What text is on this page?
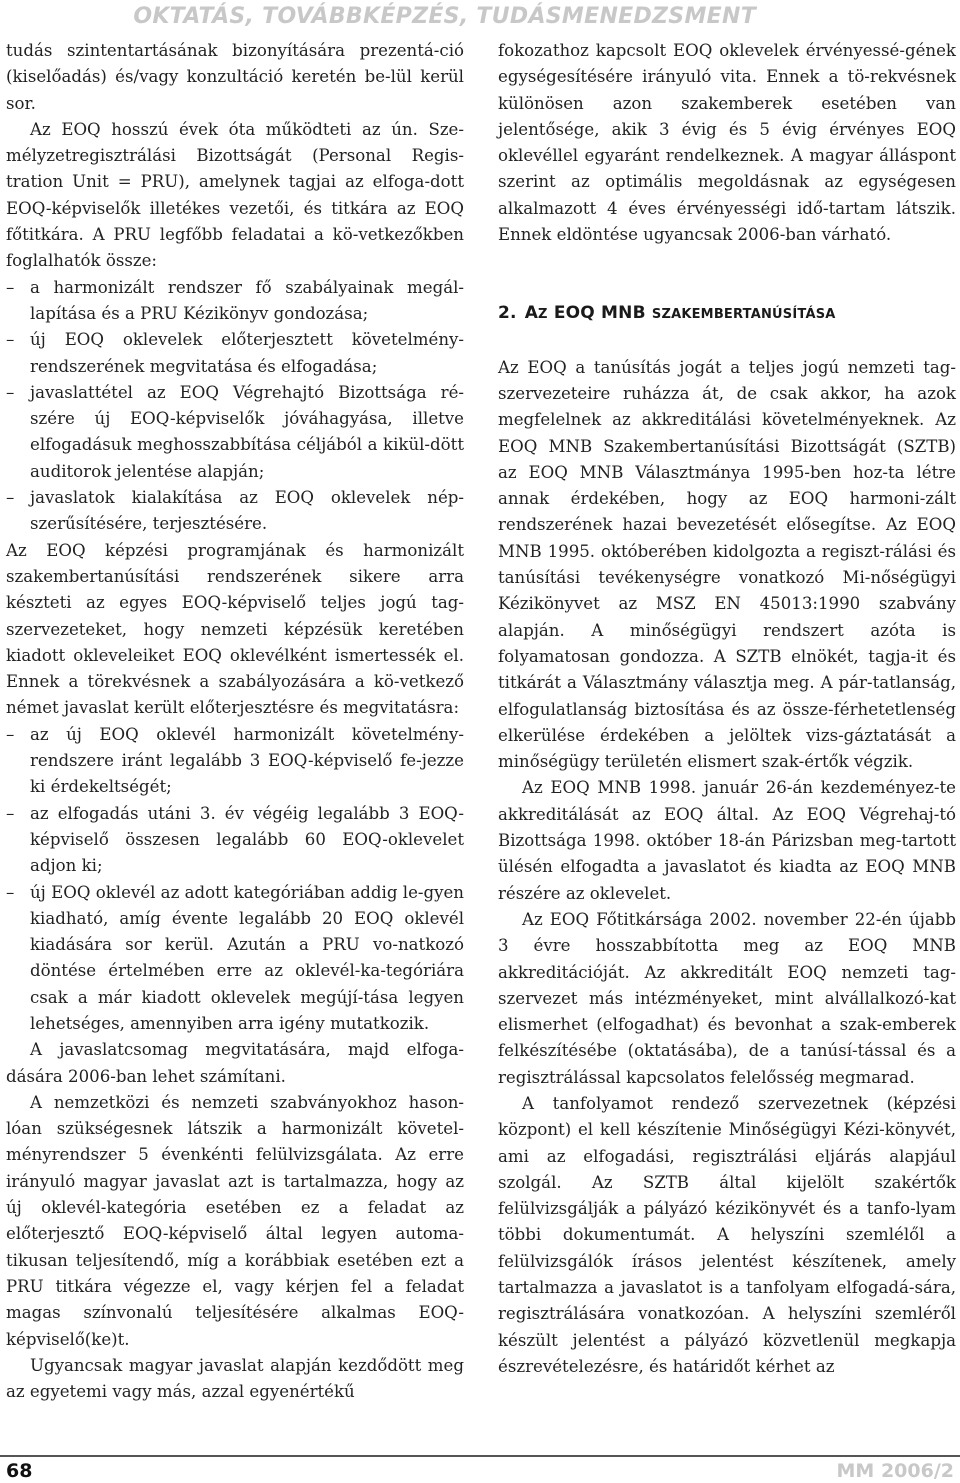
OKTATÁS, TOVÁBBKÉPZÉS, TUDÁSMENEDZSMENT

tudás szintentartásának bizonyítására prezentá-ció (kiselőadás) és/vagy konzultáció keretén be-lül kerül sor.

Az EOQ hosszú évek óta működteti az ún. Sze-mélyzetregisztrálási Bizottságát (Personal Regis-tration Unit = PRU), amelynek tagjai az elfoga-dott EOQ-képviselők illetékes vezetői, és titkára az EOQ főtitkára. A PRU legfőbb feladatai a kö-vetkezőkben foglalhatók össze:

– a harmonizált rendszer fő szabályainak megál-lapítása és a PRU Kézikönyv gondozása;
– új EOQ oklevelek előterjesztett követelmény-rendszerének megvitatása és elfogadása;
– javaslattétel az EOQ Végrehajtó Bizottsága ré-szére új EOQ-képviselők jóváhagyása, illetve elfogadásuk meghosszabbítása céljából a kikül-dött auditorok jelentése alapján;
– javaslatok kialakítása az EOQ oklevelek nép-szerűsítésére, terjesztésére.

Az EOQ képzési programjának és harmonizált szakembertanúsítási rendszerének sikere arra készteti az egyes EOQ-képviselő teljes jogú tag-szervezeteket, hogy nemzeti képzésük keretében kiadott okleveleiket EOQ oklevélként ismertessék el. Ennek a törekvésnek a szabályozására a kö-vetkező német javaslat került előterjesztésre és megvitatásra:

– az új EOQ oklevél harmonizált követelmény-rendszere iránt legalább 3 EOQ-képviselő fe-jezze ki érdekeltségét;
– az elfogadás utáni 3. év végéig legalább 3 EOQ-képviselő összesen legalább 60 EOQ-oklevelet adjon ki;
– új EOQ oklevél az adott kategóriában addig le-gyen kiadható, amíg évente legalább 20 EOQ oklevél kiadására sor kerül. Azután a PRU vo-natkozó döntése értelmében erre az oklevél-ka-tegóriára csak a már kiadott oklevelek megújí-tása legyen lehetséges, amennyiben arra igény mutatkozik.

A javaslatcsomag megvitatására, majd elfoga-dására 2006-ban lehet számítani.

A nemzetközi és nemzeti szabványokhoz hason-lóan szükségesnek látszik a harmonizált követel-ményrendszer 5 évenkénti felülvizsgálata. Az erre irányuló magyar javaslat azt is tartalmazza, hogy az új oklevél-kategória esetében ez a feladat az előterjesztő EOQ-képviselő által legyen automa-tikusan teljesítendő, míg a korábbiak esetében ezt a PRU titkára végezze el, vagy kérjen fel a feladat magas színvonalú teljesítésére alkalmas EOQ-képviselő(ke)t.

Ugyancsak magyar javaslat alapján kezdődött meg az egyetemi vagy más, azzal egyenértékű

fokozathoz kapcsolt EOQ oklevelek érvényessé-gének egységesítésére irányuló vita. Ennek a tö-rekvésnek különösen azon szakemberek esetében van jelentősége, akik 3 évig és 5 évig érvényes EOQ oklevéllel egyaránt rendelkeznek. A magyar álláspont szerint az optimális megoldásnak az egységesen alkalmazott 4 éves érvényességi idő-tartam látszik. Ennek eldöntése ugyancsak 2006-ban várható.

2. AZ EOQ MNB SZAKEMBERTANÚSÍTÁSA

Az EOQ a tanúsítás jogát a teljes jogú nemzeti tag-szervezeteire ruházza át, de csak akkor, ha azok megfelelnek az akkreditálási követelményeknek. Az EOQ MNB Szakembertanúsítási Bizottságát (SZTB) az EOQ MNB Választmánya 1995-ben hoz-ta létre annak érdekében, hogy az EOQ harmoni-zált rendszerének hazai bevezetését elősegítse. Az EOQ MNB 1995. októberében kidolgozta a regiszt-rálási és tanúsítási tevékenységre vonatkozó Mi-nőségügyi Kézikönyvet az MSZ EN 45013:1990 szabvány alapján. A minőségügyi rendszert azóta is folyamatosan gondozza. A SZTB elnökét, tagja-it és titkárát a Választmány választja meg. A pár-tatlanság, elfogulatlanság biztosítása és az össze-férhetetlenség elkerülése érdekében a jelöltek vizs-gáztatását a minőségügy területén elismert szak-értők végzik.

Az EOQ MNB 1998. január 26-án kezdeményez-te akkreditálását az EOQ által. Az EOQ Végrehaj-tó Bizottsága 1998. október 18-án Párizsban meg-tartott ülésén elfogadta a javaslatot és kiadta az EOQ MNB részére az oklevelet.

Az EOQ Főtitkársága 2002. november 22-én újabb 3 évre hosszabbította meg az EOQ MNB akkreditációját. Az akkreditált EOQ nemzeti tag-szervezet más intézményeket, mint alvállalkozó-kat elismerhet (elfogadhat) és bevonhat a szak-emberek felkészítésébe (oktatásába), de a tanúsí-tással és a regisztrálással kapcsolatos felelősség megmarad.

A tanfolyamot rendező szervezetnek (képzési központ) el kell készítenie Minőségügyi Kézi-könyvét, ami az elfogadási, regisztrálási eljárás alapjául szolgál. Az SZTB által kijelölt szakértők felülvizsgálják a pályázó kézikönyvét és a tanfo-lyam többi dokumentumát. A helyszíni szemlélől a felülvizsgálók írásos jelentést készítenek, amely tartalmazza a javaslatot is a tanfolyam elfogadá-sára, regisztrálására vonatkozóan. A helyszíni szemléről készült jelentést a pályázó közvetlenül megkapja észrevételezésre, és határidőt kérhet az

68	MM 2006/2
